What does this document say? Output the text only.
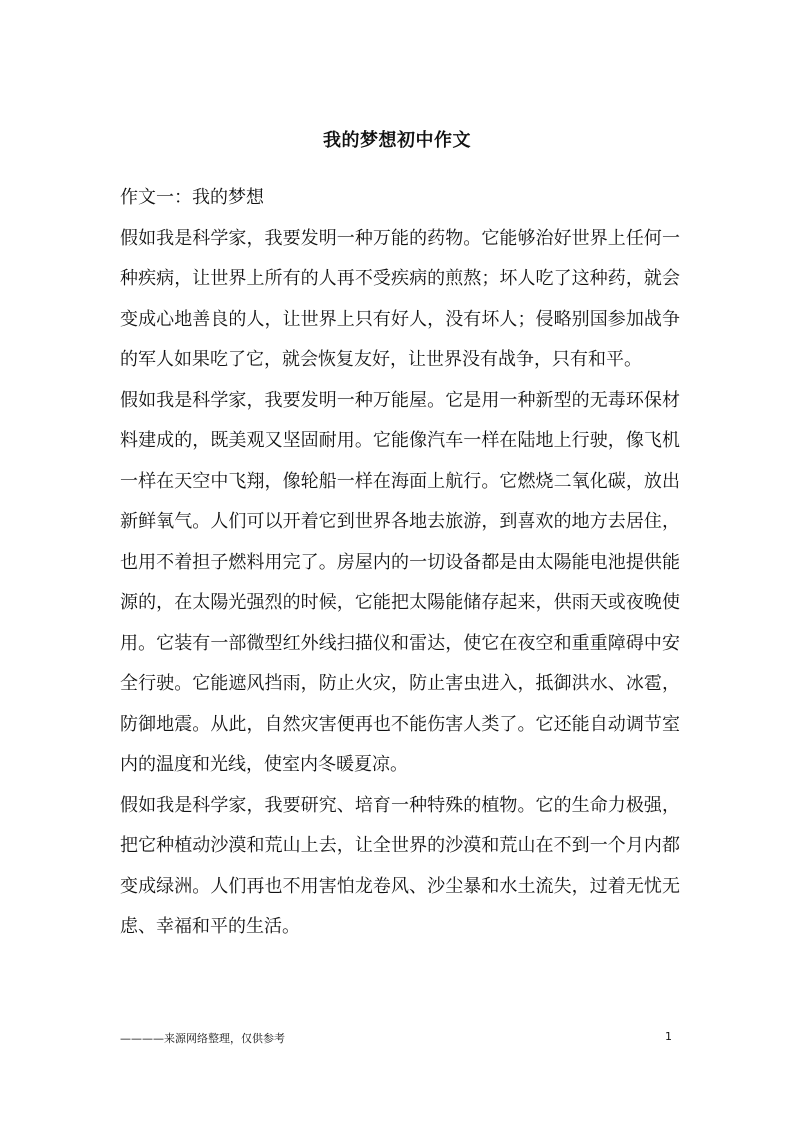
我的梦想初中作文

作文一：我的梦想

假如我是科学家，我要发明一种万能的药物。它能够治好世界上任何一种疾病，让世界上所有的人再不受疾病的煎熬；坏人吃了这种药，就会变成心地善良的人，让世界上只有好人，没有坏人；侵略别国参加战争的军人如果吃了它，就会恢复友好，让世界没有战争，只有和平。

假如我是科学家，我要发明一种万能屋。它是用一种新型的无毒环保材料建成的，既美观又坚固耐用。它能像汽车一样在陆地上行驶，像飞机一样在天空中飞翔，像轮船一样在海面上航行。它燃烧二氧化碳，放出新鲜氧气。人们可以开着它到世界各地去旅游，到喜欢的地方去居住，也用不着担子燃料用完了。房屋内的一切设备都是由太陽能电池提供能源的，在太陽光强烈的时候，它能把太陽能储存起来，供雨天或夜晚使用。它装有一部微型红外线扫描仪和雷达，使它在夜空和重重障碍中安全行驶。它能遮风挡雨，防止火灾，防止害虫进入，抵御洪水、冰雹，防御地震。从此，自然灾害便再也不能伤害人类了。它还能自动调节室内的温度和光线，使室内冬暖夏凉。

假如我是科学家，我要研究、培育一种特殊的植物。它的生命力极强，把它种植动沙漠和荒山上去，让全世界的沙漠和荒山在不到一个月内都变成绿洲。人们再也不用害怕龙卷风、沙尘暴和水土流失，过着无忧无虑、幸福和平的生活。

————来源网络整理，仅供参考	1
